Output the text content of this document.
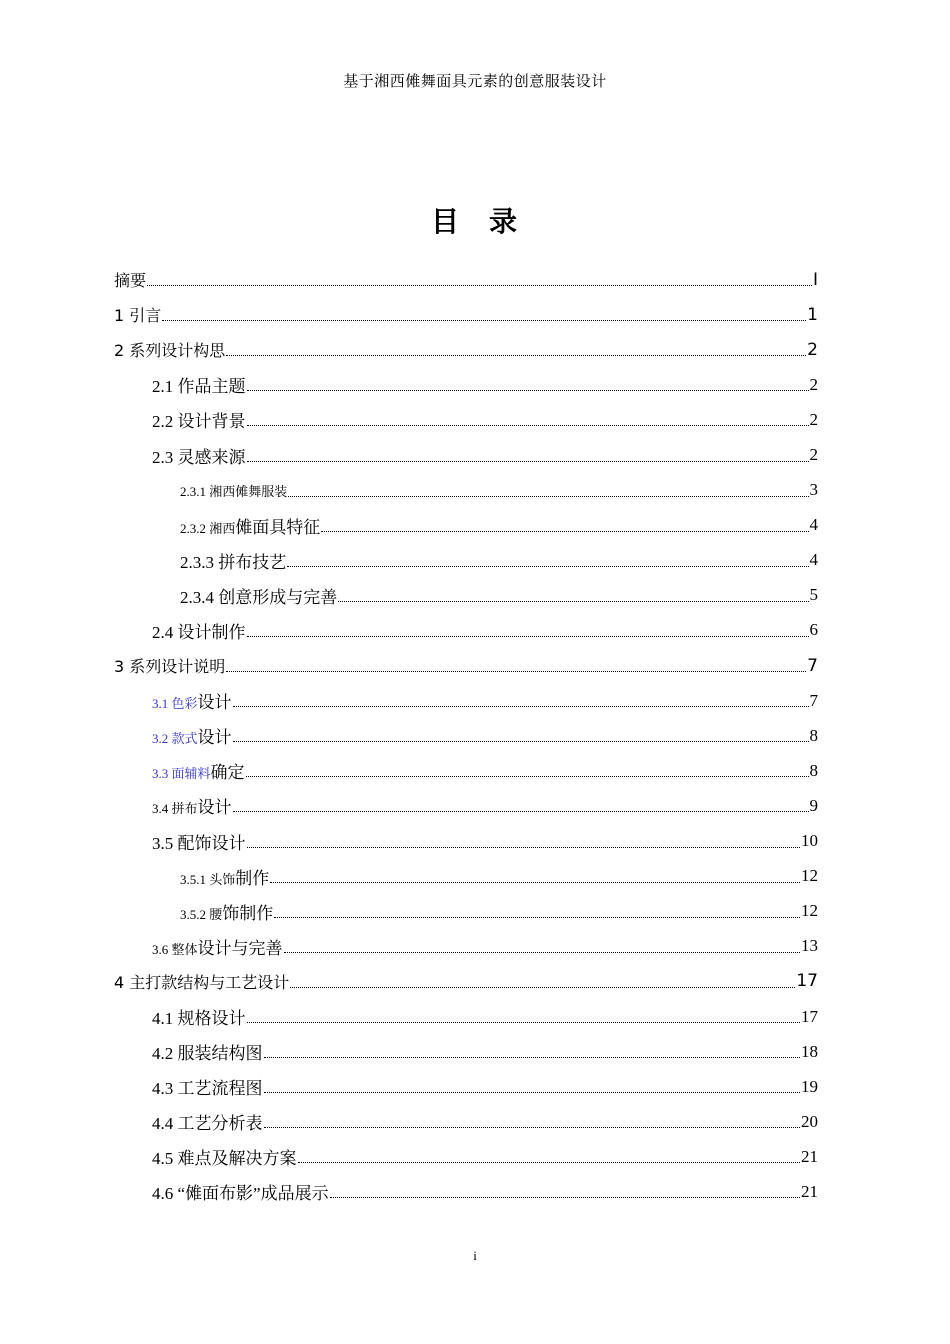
基于湘西傩舞面具元素的创意服装设计
目 录
摘要	I
1 引言	1
2 系列设计构思	2
2.1 作品主题	2
2.2 设计背景	2
2.3 灵感来源	2
2.3.1 湘西傩舞服装	3
2.3.2 湘西傩面具特征	4
2.3.3 拼布技艺	4
2.3.4 创意形成与完善	5
2.4 设计制作	6
3 系列设计说明	7
3.1 色彩设计	7
3.2 款式设计	8
3.3 面辅料确定	8
3.4 拼布设计	9
3.5 配饰设计	10
3.5.1 头饰制作	12
3.5.2 腰饰制作	12
3.6 整体设计与完善	13
4 主打款结构与工艺设计	17
4.1 规格设计	17
4.2 服装结构图	18
4.3 工艺流程图	19
4.4 工艺分析表	20
4.5 难点及解决方案	21
4.6 “傩面布影”成品展示	21
i
